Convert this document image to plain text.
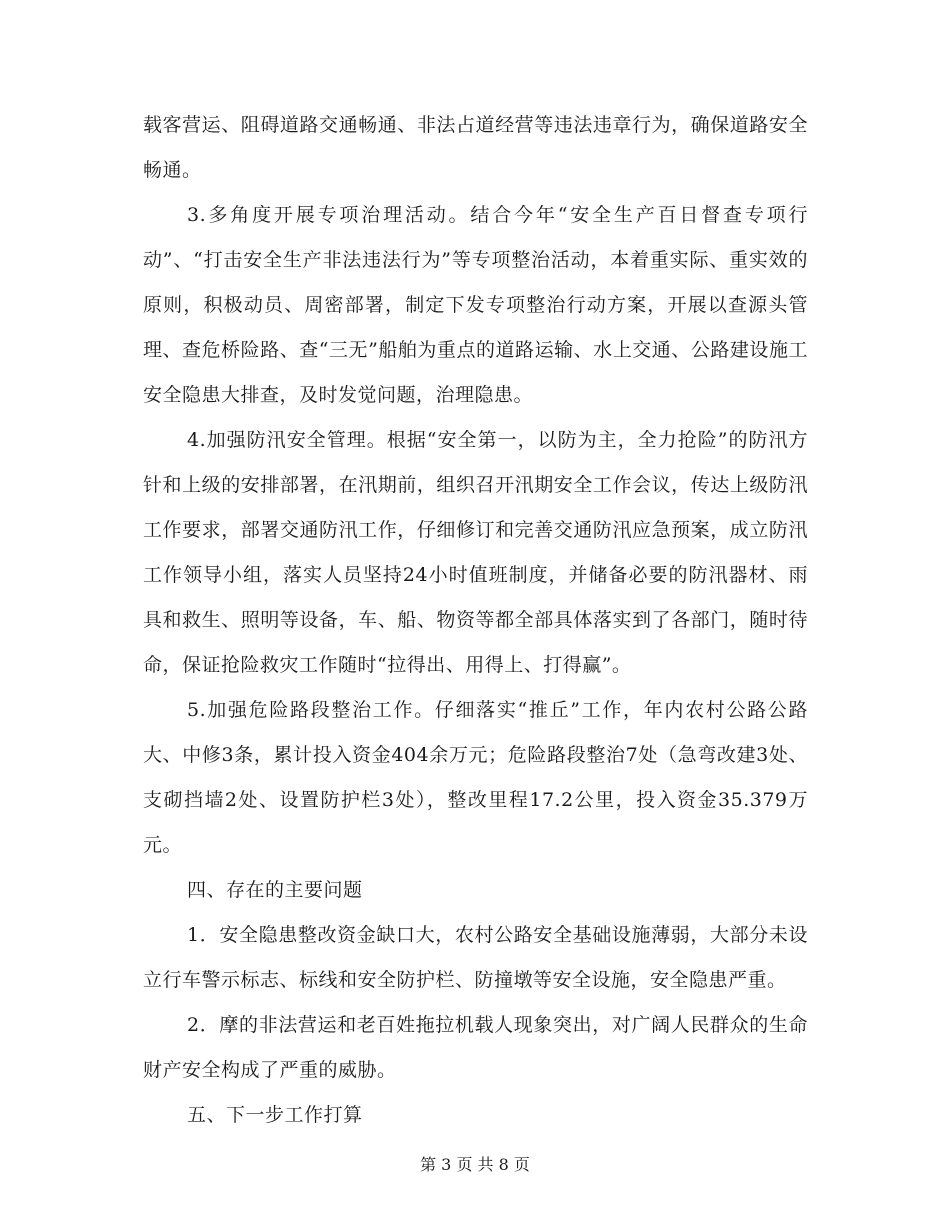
载客营运、阻碍道路交通畅通、非法占道经营等违法违章行为，确保道路安全畅通。

3.多角度开展专项治理活动。结合今年“安全生产百日督查专项行动”、“打击安全生产非法违法行为”等专项整治活动，本着重实际、重实效的原则，积极动员、周密部署，制定下发专项整治行动方案，开展以查源头管理、查危桥险路、查“三无”船舶为重点的道路运输、水上交通、公路建设施工安全隐患大排查，及时发觉问题，治理隐患。

4.加强防汛安全管理。根据“安全第一，以防为主，全力抢险”的防汛方针和上级的安排部署，在汛期前，组织召开汛期安全工作会议，传达上级防汛工作要求，部署交通防汛工作，仔细修订和完善交通防汛应急预案，成立防汛工作领导小组，落实人员坚持24小时值班制度，并储备必要的防汛器材、雨具和救生、照明等设备，车、船、物资等都全部具体落实到了各部门，随时待命，保证抢险救灾工作随时“拉得出、用得上、打得赢”。

5.加强危险路段整治工作。仔细落实“推丘”工作，年内农村公路公路大、中修3条，累计投入资金404余万元；危险路段整治7处（急弯改建3处、支砌挡墙2处、设置防护栏3处），整改里程17.2公里，投入资金35.379万元。

四、存在的主要问题

1．安全隐患整改资金缺口大，农村公路安全基础设施薄弱，大部分未设立行车警示标志、标线和安全防护栏、防撞墩等安全设施，安全隐患严重。

2．摩的非法营运和老百姓拖拉机载人现象突出，对广阔人民群众的生命财产安全构成了严重的威胁。

五、下一步工作打算

第 3 页 共 8 页
